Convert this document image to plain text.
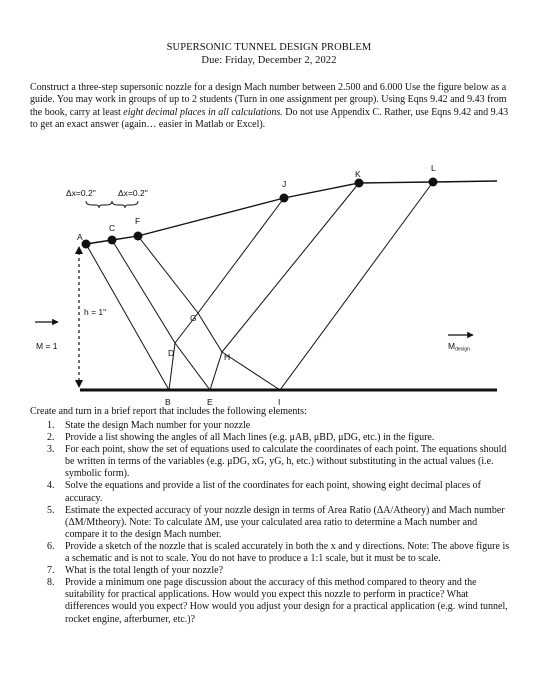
SUPERSONIC TUNNEL DESIGN PROBLEM
Due: Friday, December 2, 2022
Construct a three-step supersonic nozzle for a design Mach number between 2.500 and 6.000 Use the figure below as a guide. You may work in groups of up to 2 students (Turn in one assignment per group). Using Eqns 9.42 and 9.43 from the book, carry at least eight decimal places in all calculations. Do not use Appendix C. Rather, use Eqns 9.42 and 9.43 to get an exact answer (again… easier in Matlab or Excel).
Δx=0.2"	Δx=0.2"
h = 1"
M = 1	Mdesign
A
C
F
J
K
L
G
D	H
B	E	I
Create and turn in a brief report that includes the following elements:
1. State the design Mach number for your nozzle
2. Provide a list showing the angles of all Mach lines (e.g. μAB, μBD, μDG, etc.) in the figure.
3. For each point, show the set of equations used to calculate the coordinates of each point. The equations should be written in terms of the variables (e.g. μDG, xG, yG, h, etc.) without substituting in the actual values (i.e. symbolic form).
4. Solve the equations and provide a list of the coordinates for each point, showing eight decimal places of accuracy.
5. Estimate the expected accuracy of your nozzle design in terms of Area Ratio (ΔA/Atheory) and Mach number (ΔM/Mtheory). Note: To calculate ΔM, use your calculated area ratio to determine a Mach number and compare it to the design Mach number.
6. Provide a sketch of the nozzle that is scaled accurately in both the x and y directions. Note: The above figure is a schematic and is not to scale. You do not have to produce a 1:1 scale, but it must be to scale.
7. What is the total length of your nozzle?
8. Provide a minimum one page discussion about the accuracy of this method compared to theory and the suitability for practical applications. How would you expect this nozzle to perform in practice? What differences would you expect? How would you adjust your design for a practical application (e.g. wind tunnel, rocket engine, afterburner, etc.)?
